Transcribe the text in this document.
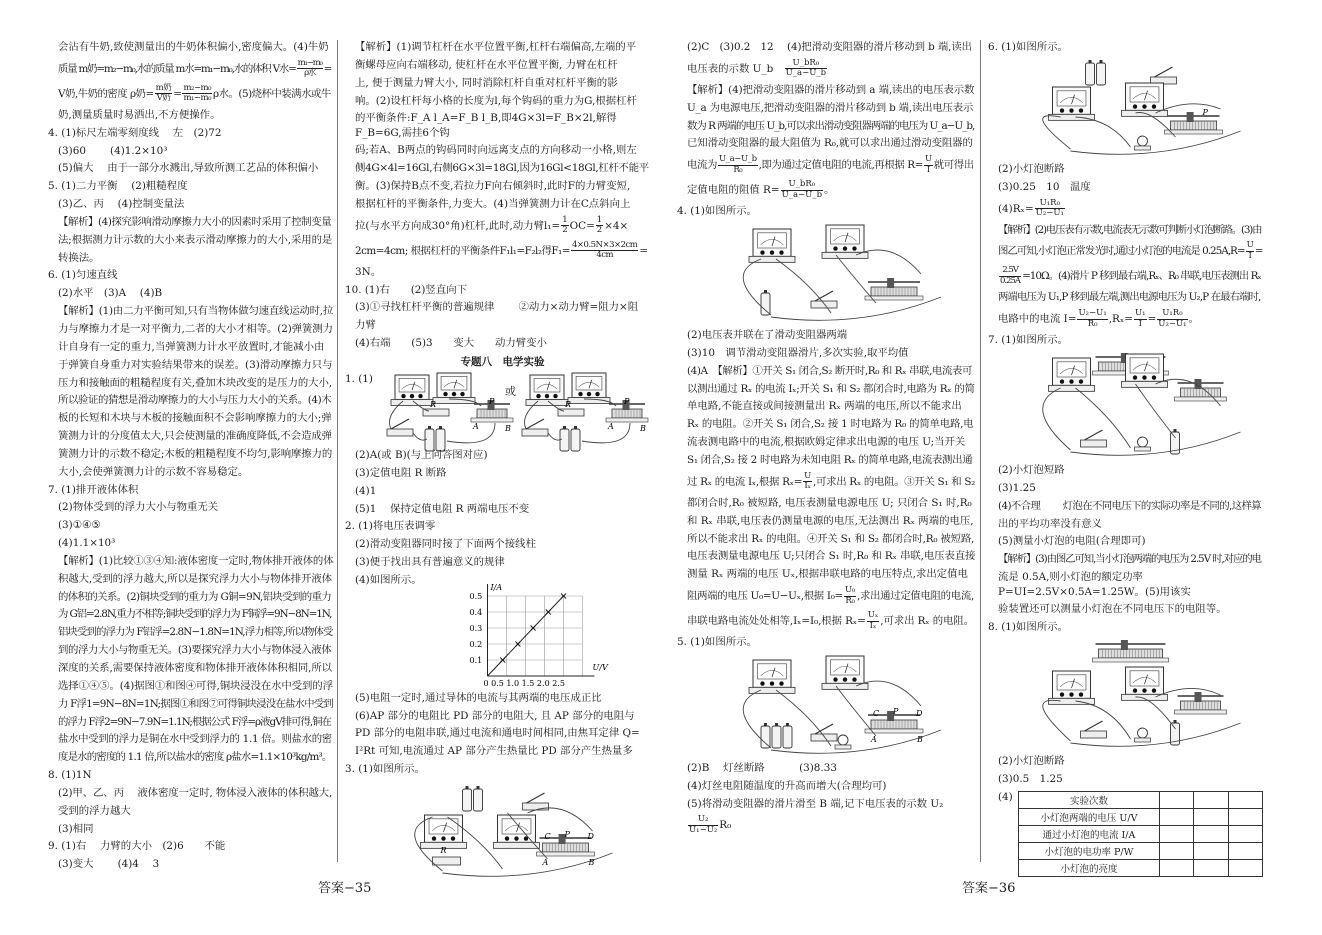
会沾有牛奶,致使测量出的牛奶体积偏小,密度偏大。(4)牛奶
质量 m奶=m₂−m₀,水的质量 m水=m₁−m₀,水的体积 V水= $\frac{\text{m₁−m₀}}{\text{ρ水}}$ =
V奶,牛奶的密度 ρ奶= $\frac{\text{m奶}}{\text{V奶}} = \frac{\text{m₂−m₀}}{\text{m₁−m₀}}$ ρ水。(5)烧杯中装满水或牛
奶,测量质量时易洒出,不方便操作。
4. (1)标尺左端零刻度线　 左　(2)72
(3)60　　 (4)1.2×10³
(5)偏大　 由于一部分水溅出,导致所测工艺品的体积偏小
5. (1)二力平衡　 (2)粗糙程度
(3)乙、丙　 (4)控制变量法
【解析】(4)探究影响滑动摩擦力大小的因素时采用了控制变量
法;根据测力计示数的大小来表示滑动摩擦力的大小,采用的是
转换法。
6. (1)匀速直线
(2)水平　(3)A　 (4)B
【解析】(1)由二力平衡可知,只有当物体做匀速直线运动时,拉
力与摩擦力才是一对平衡力,二者的大小才相等。(2)弹簧测力
计自身有一定的重力,当弹簧测力计水平放置时,才能减小由
于弹簧自身重力对实验结果带来的误差。(3)滑动摩擦力只与
压力和接触面的粗糙程度有关,叠加木块改变的是压力的大小,
所以验证的猜想是滑动摩擦力的大小与压力大小的关系。(4)木
板的长短和木块与木板的接触面积不会影响摩擦力的大小;弹
簧测力计的分度值太大,只会使测量的准确度降低,不会造成弹
簧测力计的示数不稳定;木板的粗糙程度不均匀,影响摩擦力的
大小,会使弹簧测力计的示数不容易稳定。
7. (1)排开液体体积
(2)物体受到的浮力大小与物重无关
(3)①④⑤
(4)1.1×10³
【解析】(1)比较①③④知:液体密度一定时,物体排开液体的体
积越大,受到的浮力越大,所以是探究浮力大小与物体排开液体
的体积的关系。(2)铜块受到的重力为 G铜=9N,铝块受到的重力
为 G铝=2.8N,重力不相等;铜块受到的浮力为 F铜浮=9N−8N=1N,
铝块受到的浮力为 F铝浮=2.8N−1.8N=1N,浮力相等,所以物体受
到的浮力大小与物重无关。(3)要探究浮力大小与物体浸入液体
深度的关系,需要保持液体密度和物体排开液体体积相同,所以
选择①④⑤。(4)据图①和图④可得,铜块浸没在水中受到的浮
力 F浮1=9N−8N=1N;据图①和图⑦可得铜块浸没在盐水中受到
的浮力 F浮2=9N−7.9N=1.1N;根据公式 F浮=ρ液gV排可得,铜在
盐水中受到的浮力是铜在水中受到浮力的 1.1 倍。则盐水的密
度是水的密度的 1.1 倍,所以盐水的密度 ρ盐水=1.1×10³kg/m³。
8. (1)1N
(2)甲、乙、丙　 液体密度一定时, 物体浸入液体的体积越大,
受到的浮力越大
(3)相同
9. (1)右　 力臂的大小　(2)6　　不能
(3)变大　　 (4)4　 3
【解析】(1)调节杠杆在水平位置平衡,杠杆右端偏高,左端的平
衡螺母应向右端移动, 使杠杆在水平位置平衡, 力臂在杠杆
上, 便于测量力臂大小, 同时消除杠杆自重对杠杆平衡的影
响。(2)设杠杆每小格的长度为l,每个钩码的重力为G,根据杠杆
的平衡条件:F_A l_A=F_B l_B,即4G×3l=F_B×2l,解得F_B=6G,需挂6个钩
码;若A、B两点的钩码同时向远离支点的方向移动一小格,则左
侧4G×4l=16Gl,右侧6G×3l=18Gl,因为16Gl<18Gl,杠杆不能平
衡。(3)保持B点不变,若拉力F向右倾斜时,此时F的力臂变短,
根据杠杆的平衡条件,力变大。(4)当弹簧测力计在C点斜向上
拉(与水平方向成30°角)杠杆,此时,动力臂$l_1= \frac{1}{2} OC= \frac{1}{2} \times 4\times$
2cm=4cm; 根据杠杆的平衡条件F₁l₁=F₂l₂得$F_1= \frac{4\times 0.5N\times 3\times 2cm}{4cm}$ =
3N。
10. (1)右　　(2)竖直向下
(3)①寻找杠杆平衡的普遍规律　　 ②动力×动力臂=阻力×阻
力臂
(4)右端　　(5)3　　变大　　动力臂变小
专题八　电学实验
R	P
A	B
R	P
A	B
1. (1)
或
(2)A(或 B)(与上问答图对应)
(3)定值电阻 R 断路
(4)1
(5)1　 保持定值电阻 R 两端电压不变
2. (1)将电压表调零
(2)滑动变阻器同时接了下面两个接线柱
(3)便于找出具有普遍意义的规律
(4)如图所示。
0.5
0.4
0.3
0.2
0.1
0 0.5 1.0 1.5 2.0 2.5
I/A
U/V
(5)电阻一定时,通过导体的电流与其两端的电压成正比
(6)AP 部分的电阻比 PD 部分的电阻大, 且 AP 部分的电阻与
PD 部分的电阻串联,通过电流和通电时间相同,由焦耳定律 Q=
I²Rt 可知,电流通过 AP 部分产生热量比 PD 部分产生热量多
3. (1)如图所示。
R
C P D
A	B
(2)C　(3)0.2　12　 (4)把滑动变阻器的滑片移动到 b 端,读出
电压表的示数 U_b　 $\frac{\text{U\_bR₀}}{U\_a-U\_b}$
【解析】(4)把滑动变阻器的滑片移动到 a 端,读出的电压表示数
U_a 为电源电压,把滑动变阻器的滑片移动到 b 端,读出电压表示
数为 R 两端的电压 U_b,可以求出滑动变阻器两端的电压为 U_a−U_b,
已知滑动变阻器的最大阻值为 R₀,就可以求出通过滑动变阻器的
电流为 $\frac{U\_a-U\_b}{\text{R₀}}$ ,即为通过定值电阻的电流,再根据 $R= \frac{U}{I}$ 就可得出
定值电阻的阻值 $R= \frac{\text{U\_bR₀}}{U\_a-U\_b}$ 。
4. (1)如图所示。
(2)电压表并联在了滑动变阻器两端
(3)10　调节滑动变阻器滑片,多次实验,取平均值
(4)A　【解析】①开关 S₁ 闭合,S₂ 断开时,R₀ 和 Rₓ 串联,电流表可
以测出通过 Rₓ 的电流 Iₓ;开关 S₁ 和 S₂ 都闭合时,电路为 Rₓ 的简
单电路,不能直接或间接测量出 Rₓ 两端的电压,所以不能求出
Rₓ 的电阻。②开关 S₁ 闭合,S₂ 接 1 时电路为 R₀ 的简单电路,电
流表测电路中的电流,根据欧姆定律求出电源的电压 U;当开关
S₁ 闭合,S₂ 接 2 时电路为未知电阻 Rₓ 的简单电路,电流表测出通
过 Rₓ 的电流 Iₓ,根据 $R_x= \frac{U}{\text{Iₓ}}$ ,可求出 Rₓ 的电阻。③开关 S₁ 和 S₂
都闭合时,R₀ 被短路, 电压表测量电源电压 U; 只闭合 S₁ 时,R₀
和 Rₓ 串联,电压表仍测量电源的电压,无法测出 Rₓ 两端的电压,
所以不能求出 Rₓ 的电阻。④开关 S₁ 和 S₂ 都闭合时,R₀ 被短路,
电压表测量电源电压 U;只闭合 S₁ 时,R₀ 和 Rₓ 串联,电压表直接
测量 Rₓ 两端的电压 Uₓ,根据串联电路的电压特点,求出定值电
阻两端的电压 U₀=U−Uₓ,根据 $I_0= \frac{\text{U₀}}{\text{R₀}}$ ,求出通过定值电阻的电流,
串联电路电流处处相等,Iₓ=I₀,根据 $R_x= \frac{\text{Uₓ}}{\text{Iₓ}}$ ,可求出 Rₓ 的电阻。
5. (1)如图所示。
C P D
A	B
(2)B　 灯丝断路　　　 (3)8.33
(4)灯丝电阻随温度的升高而增大(合理均可)
(5)将滑动变阻器的滑片滑至 B 端,记下电压表的示数 U₂
$\frac{\text{U₂}}{\text{U₁−U₂}} R_0$
6. (1)如图所示。
P
(2)小灯泡断路
(3)0.25　10　温度
$(4)R_x= \frac{\text{U₁R₀}}{\text{U₂−U₁}}$
【解析】(2)电压表有示数,电流表无示数可判断小灯泡断路。(3)由
图乙可知,小灯泡正常发光时,通过小灯泡的电流是 $0.25A,R= \frac{U}{I}$ =
$\frac{2.5V}{0.25A} =10\Omega$。(4)滑片 P 移到最右端,Rₓ、R₀ 串联,电压表测出 Rₓ
两端电压为 U₁,P 移到最左端,测出电源电压为 U₂,P 在最右端时,
电路中的电流 $I= \frac{\text{U₂−U₁}}{\text{R₀}} ,R_x= \frac{\text{U₁}}{I} = \frac{\text{U₁R₀}}{\text{U₂−U₁}}$ 。
7. (1)如图所示。
(2)小灯泡短路
(3)1.25
(4)不合理　　 灯泡在不同电压下的实际功率是不同的,这样算
出的平均功率没有意义
(5)测量小灯泡的电阻(合理即可)
【解析】(3)由图乙可知,当小灯泡两端的电压为 2.5V 时,对应的电
流是 0.5A,则小灯泡的额定功率 P=UI=2.5V×0.5A=1.25W。(5)用该实
验装置还可以测量小灯泡在不同电压下的电阻等。
8. (1)如图所示。
(2)小灯泡断路
(3)0.5　1.25
(4)	实验次数			
小灯泡两端的电压 U/V			
通过小灯泡的电流 I/A			
小灯泡的电功率 P/W			
小灯泡的亮度			
答案−35	答案−36
